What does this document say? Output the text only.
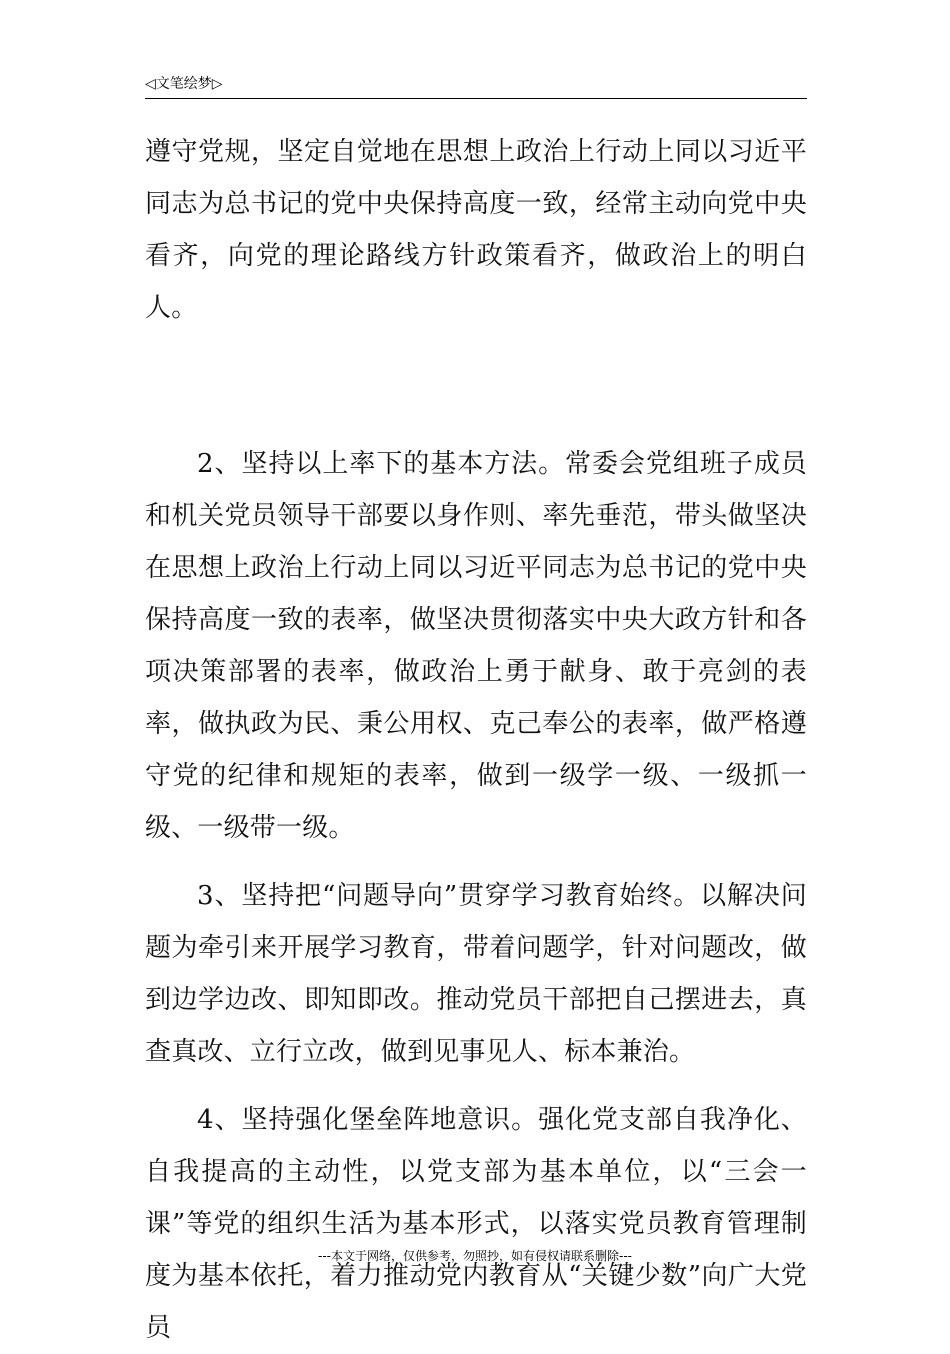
◁文笔绘梦▷

遵守党规，坚定自觉地在思想上政治上行动上同以习近平同志为总书记的党中央保持高度一致，经常主动向党中央看齐，向党的理论路线方针政策看齐，做政治上的明白人。

2、坚持以上率下的基本方法。常委会党组班子成员和机关党员领导干部要以身作则、率先垂范，带头做坚决在思想上政治上行动上同以习近平同志为总书记的党中央保持高度一致的表率，做坚决贯彻落实中央大政方针和各项决策部署的表率，做政治上勇于献身、敢于亮剑的表率，做执政为民、秉公用权、克己奉公的表率，做严格遵守党的纪律和规矩的表率，做到一级学一级、一级抓一级、一级带一级。

3、坚持把“问题导向”贯穿学习教育始终。以解决问题为牵引来开展学习教育，带着问题学，针对问题改，做到边学边改、即知即改。推动党员干部把自己摆进去，真查真改、立行立改，做到见事见人、标本兼治。

4、坚持强化堡垒阵地意识。强化党支部自我净化、自我提高的主动性，以党支部为基本单位，以“三会一课”等党的组织生活为基本形式，以落实党员教育管理制度为基本依托，着力推动党内教育从“关键少数”向广大党员

---本文于网络，仅供参考，勿照抄，如有侵权请联系删除---
